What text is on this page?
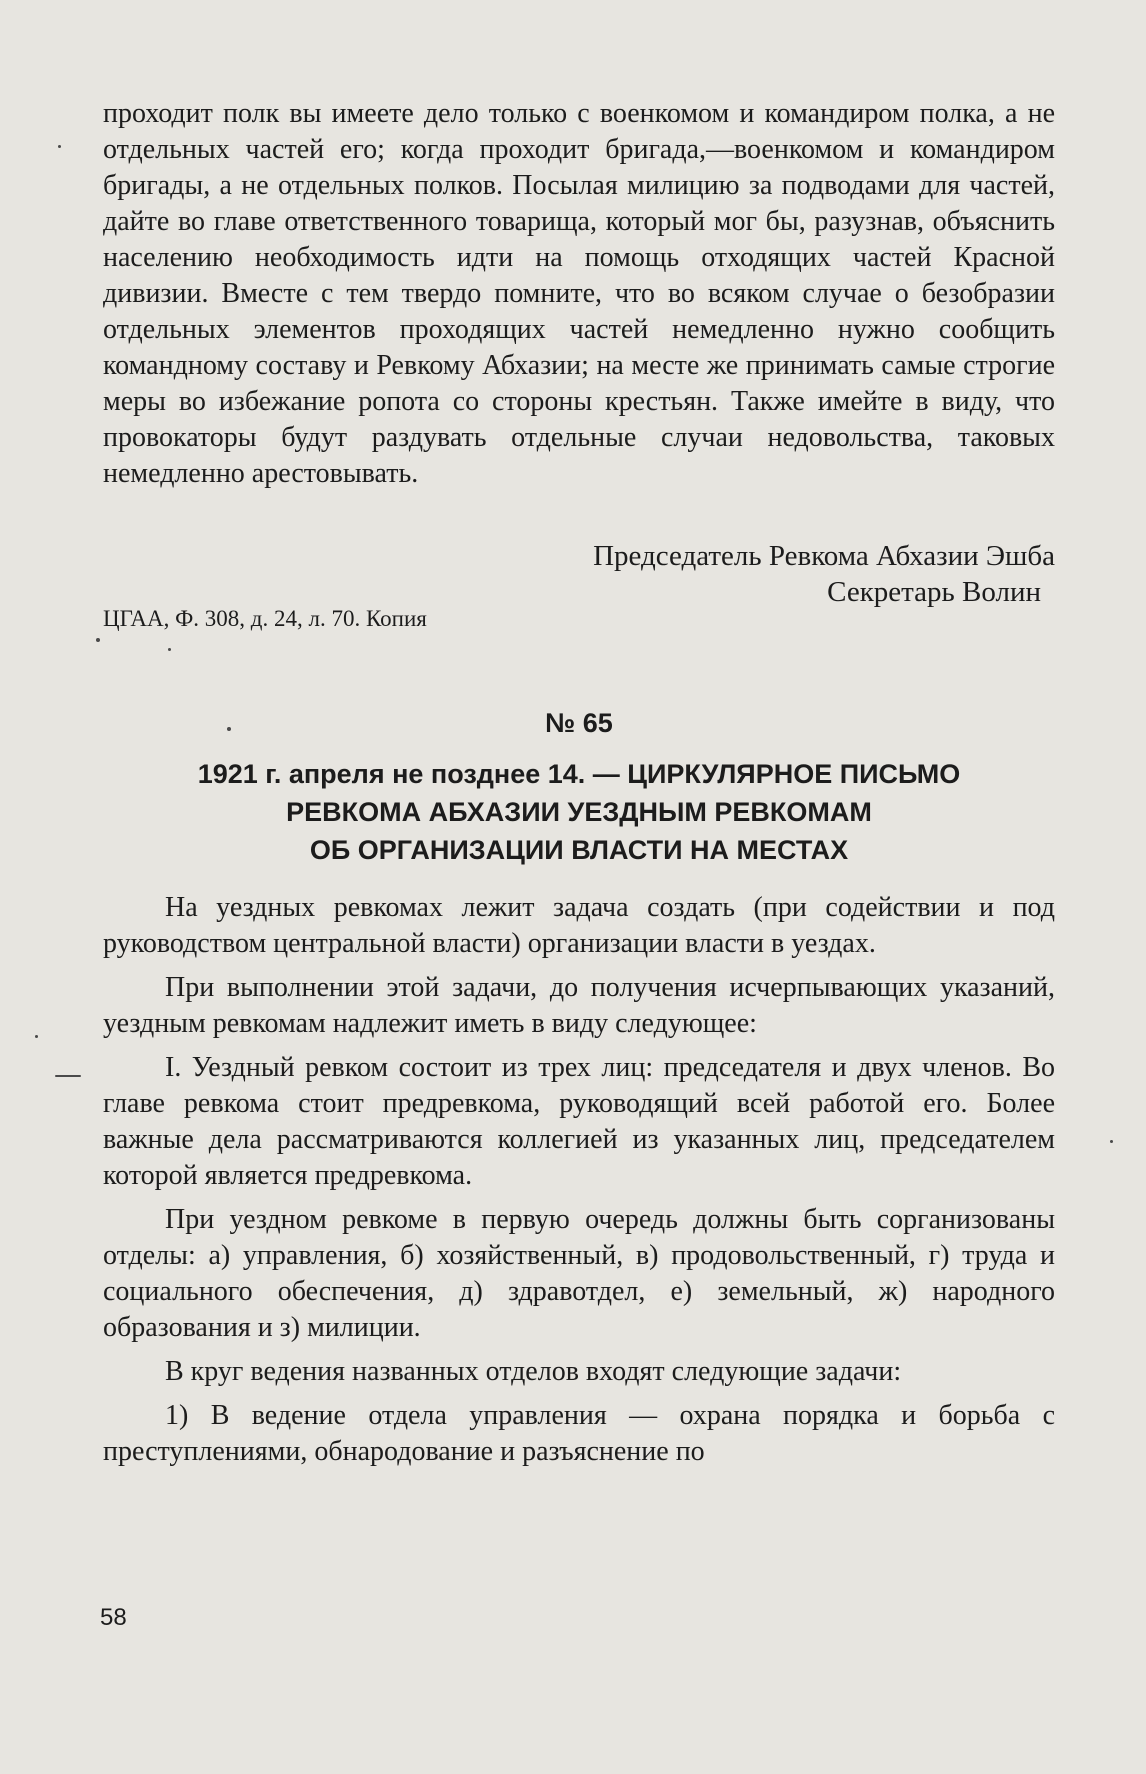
проходит полк вы имеете дело только с военкомом и командиром полка, а не отдельных частей его; когда проходит бригада,—военкомом и командиром бригады, а не отдельных полков. Посылая милицию за подводами для частей, дайте во главе ответственного товарища, который мог бы, разузнав, объяснить населению необходимость идти на помощь отходящих частей Красной дивизии. Вместе с тем твердо помните, что во всяком случае о безобразии отдельных элементов проходящих частей немедленно нужно сообщить командному составу и Ревкому Абхазии; на месте же принимать самые строгие меры во избежание ропота со стороны крестьян. Также имейте в виду, что провокаторы будут раздувать отдельные случаи недовольства, таковых немедленно арестовывать.

Председатель Ревкома Абхазии Эшба

Секретарь Волин

ЦГАА, Ф. 308, д. 24, л. 70. Копия
№ 65

1921 г. апреля не позднее 14. — ЦИРКУЛЯРНОЕ ПИСЬМО

РЕВКОМА АБХАЗИИ УЕЗДНЫМ РЕВКОМАМ

ОБ ОРГАНИЗАЦИИ ВЛАСТИ НА МЕСТАХ

На уездных ревкомах лежит задача создать (при содействии и под руководством центральной власти) организации власти в уездах.

При выполнении этой задачи, до получения исчерпывающих указаний, уездным ревкомам надлежит иметь в виду следующее:

I. Уездный ревком состоит из трех лиц: председателя и двух членов. Во главе ревкома стоит предревкома, руководящий всей работой его. Более важные дела рассматриваются коллегией из указанных лиц, председателем которой является предревкома.

При уездном ревкоме в первую очередь должны быть сорганизованы отделы: а) управления, б) хозяйственный, в) продовольственный, г) труда и социального обеспечения, д) здравотдел, е) земельный, ж) народного образования и з) милиции.

В круг ведения названных отделов входят следующие задачи:

1) В ведение отдела управления — охрана порядка и борьба с преступлениями, обнародование и разъяснение по

58
